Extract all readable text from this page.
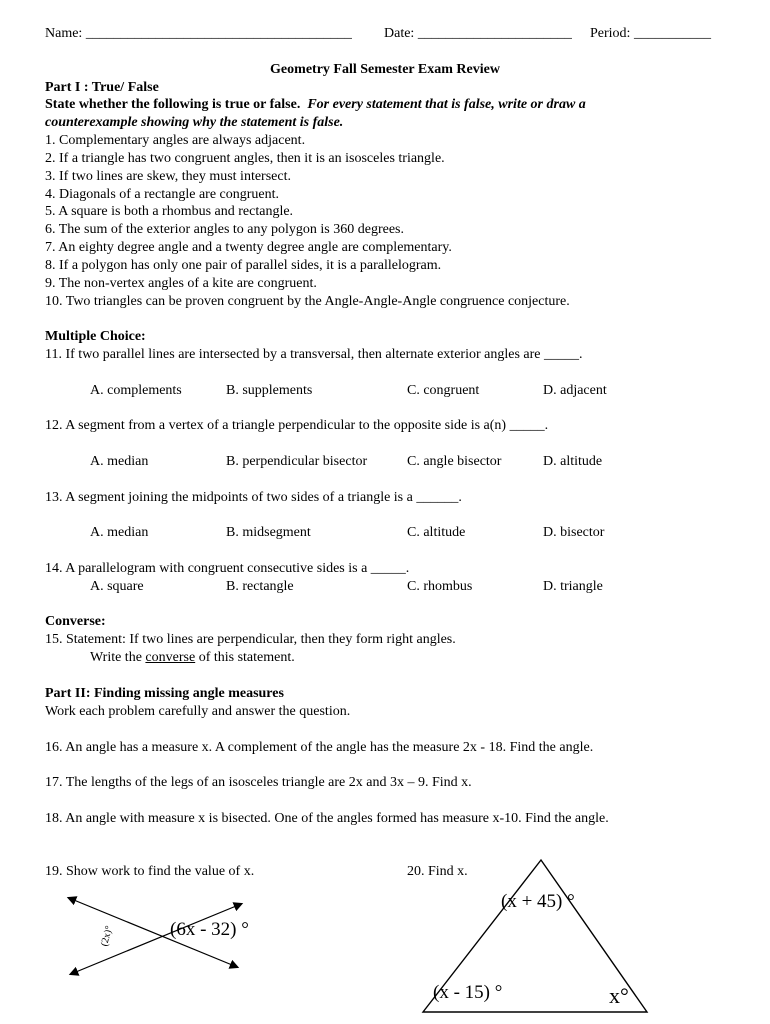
Name: ______________________________________ Date: ______________________ Period: ___________
Geometry Fall Semester Exam Review
Part I : True/ False
State whether the following is true or false. For every statement that is false, write or draw a
counterexample showing why the statement is false.
1. Complementary angles are always adjacent.
2. If a triangle has two congruent angles, then it is an isosceles triangle.
3. If two lines are skew, they must intersect.
4. Diagonals of a rectangle are congruent.
5. A square is both a rhombus and rectangle.
6. The sum of the exterior angles to any polygon is 360 degrees.
7. An eighty degree angle and a twenty degree angle are complementary.
8. If a polygon has only one pair of parallel sides, it is a parallelogram.
9. The non-vertex angles of a kite are congruent.
10. Two triangles can be proven congruent by the Angle-Angle-Angle congruence conjecture.
Multiple Choice:
11. If two parallel lines are intersected by a transversal, then alternate exterior angles are _____.
A. complements	B. supplements	C. congruent	D. adjacent
12. A segment from a vertex of a triangle perpendicular to the opposite side is a(n) _____.
A. median	B. perpendicular bisector	C. angle bisector	D. altitude
13. A segment joining the midpoints of two sides of a triangle is a ______.
A. median	B. midsegment	C. altitude	D. bisector
14. A parallelogram with congruent consecutive sides is a _____.
A. square	B. rectangle	C. rhombus	D. triangle
Converse:
15. Statement: If two lines are perpendicular, then they form right angles.
Write the converse of this statement.
Part II: Finding missing angle measures
Work each problem carefully and answer the question.
16. An angle has a measure x. A complement of the angle has the measure 2x - 18. Find the angle.
17. The lengths of the legs of an isosceles triangle are 2x and 3x – 9. Find x.
18. An angle with measure x is bisected. One of the angles formed has measure x-10. Find the angle.
19. Show work to find the value of x.	20. Find x.
(2x)°	(6x - 32) °
(x + 45) °
(x - 15) °	x°
